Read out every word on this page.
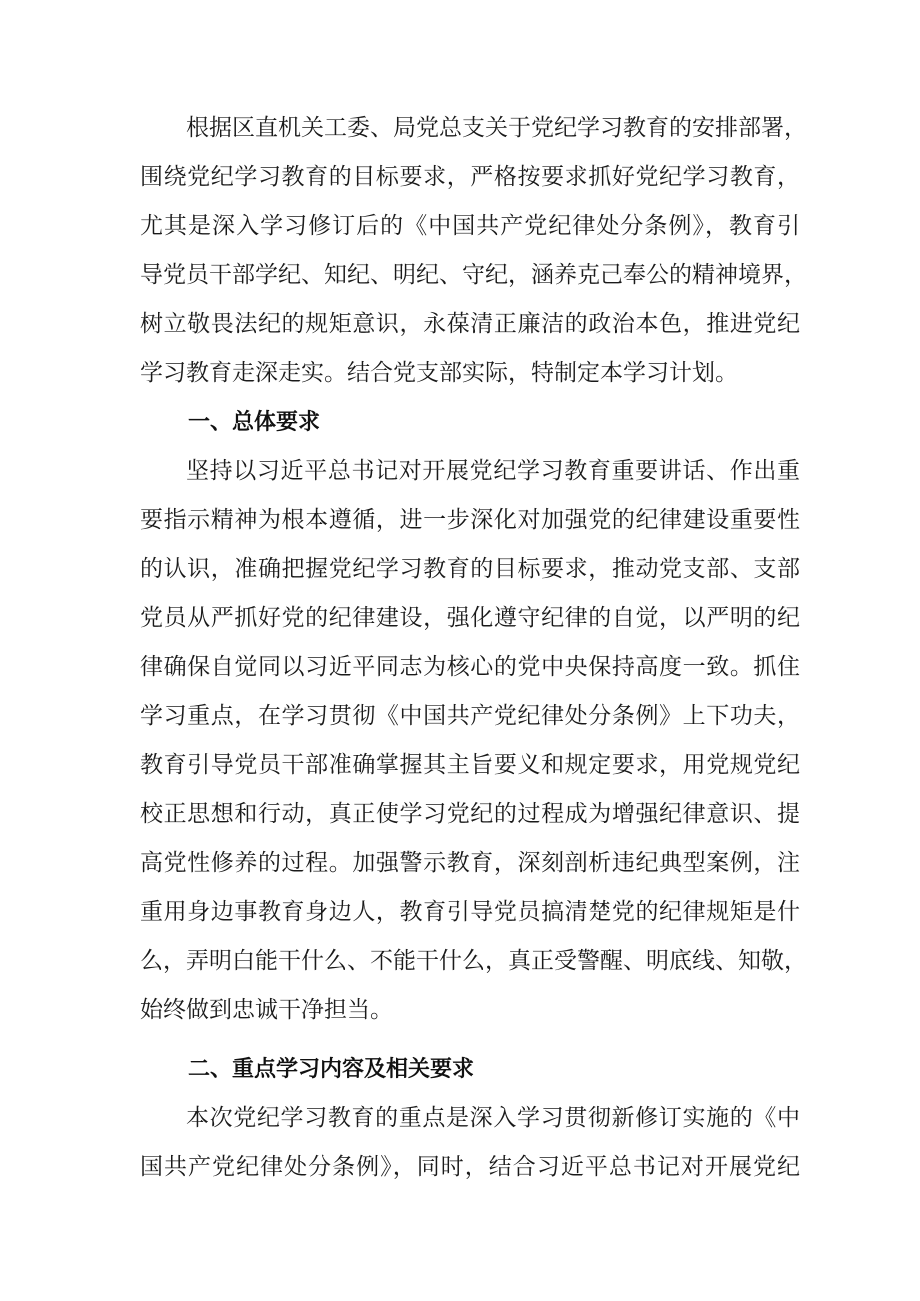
根据区直机关工委、局党总支关于党纪学习教育的安排部署，
围绕党纪学习教育的目标要求，严格按要求抓好党纪学习教育，
尤其是深入学习修订后的《中国共产党纪律处分条例》，教育引
导党员干部学纪、知纪、明纪、守纪，涵养克己奉公的精神境界，
树立敬畏法纪的规矩意识，永葆清正廉洁的政治本色，推进党纪
学习教育走深走实。结合党支部实际，特制定本学习计划。
一、总体要求
坚持以习近平总书记对开展党纪学习教育重要讲话、作出重
要指示精神为根本遵循，进一步深化对加强党的纪律建设重要性
的认识，准确把握党纪学习教育的目标要求，推动党支部、支部
党员从严抓好党的纪律建设，强化遵守纪律的自觉，以严明的纪
律确保自觉同以习近平同志为核心的党中央保持高度一致。抓住
学习重点，在学习贯彻《中国共产党纪律处分条例》上下功夫，
教育引导党员干部准确掌握其主旨要义和规定要求，用党规党纪
校正思想和行动，真正使学习党纪的过程成为增强纪律意识、提
高党性修养的过程。加强警示教育，深刻剖析违纪典型案例，注
重用身边事教育身边人，教育引导党员搞清楚党的纪律规矩是什
么，弄明白能干什么、不能干什么，真正受警醒、明底线、知敬，
始终做到忠诚干净担当。
二、重点学习内容及相关要求
本次党纪学习教育的重点是深入学习贯彻新修订实施的《中
国共产党纪律处分条例》，同时，结合习近平总书记对开展党纪
